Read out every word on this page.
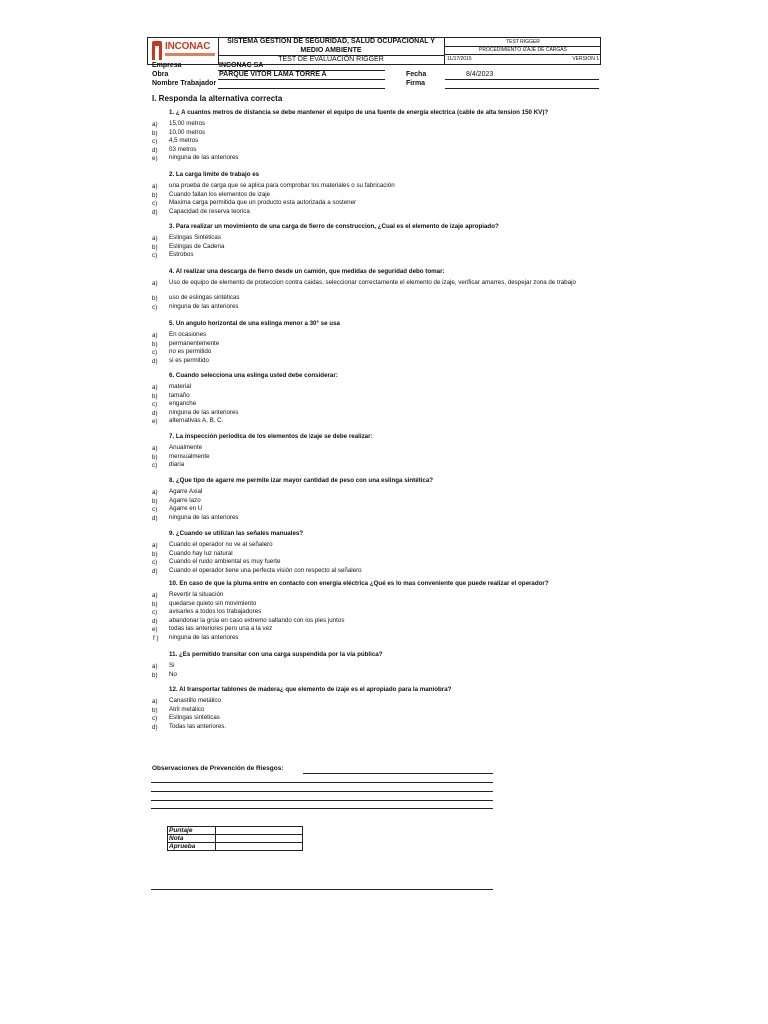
INCONAC	SISTEMA GESTION DE SEGURIDAD, SALUD OCUPACIONAL Y MEDIO AMBIENTE
TEST DE EVALUACIÓN RIGGER
TEST RIGGER
PROCEDIMIENTO IZAJE DE CARGAS
11/17/2015	VERSION 1
Empresa	INCONAC SA
Obra	PARQUE VITOR LAMA TORRE A
Nombre Trabajador
Fecha	8/4/2023
Firma
I. Responda la alternativa correcta
1. ¿ A cuantos metros de distancia se debe mantener el equipo de una fuente de energía electrica (cable de alta tension 150 KV)?
a) 15,00 metros
b) 10,00 metros
c) 4,5 metros
d) 03 metros
e) ninguna de las anteriores
2. La carga limite de trabajo es
a) una prueba de carga que se aplica para comprobar los materiales o su fabricación
b) Cuando fallan los elementos de izaje
c) Maxima carga permitida que un producto esta autorizada a sostener
d) Capacidad de reserva teorica
3. Para realizar un movimiento de una carga de fierro de construccion, ¿Cual es el elemento de izaje apropiado?
a) Eslingas Sintéticas
b) Eslingas de Cadena
c) Estrobos
4. Al realizar una descarga de fierro desde un camión, que medidas de seguridad debo tomar:
a) Uso de equipo de elemento de proteccion contra caidas, seleccionar correctamente el elemento de izaje, verificar amarres, despejar zona de trabajo
b) uso de eslingas sintéticas
c) ninguna de las anteriores
5. Un angulo horizontal de una eslinga menor a 30° se usa
a) En ocasiones
b) permanentemente
c) no es permitido
d) si es permitido
6. Cuando selecciona una eslinga usted debe considerar:
a) material
b) tamaño
c) enganche
d) ninguna de las anteriores
e) alternativas A, B, C.
7. La inspección periodica de los elementos de izaje se debe realizar:
a) Anualmente
b) mensualmente
c) diaria
8. ¿Que tipo de agarre me permite izar mayor cantidad de peso con una eslinga sintética?
a) Agarre Axial
b) Agarre lazo
c) Agarre en U
d) ninguna de las anteriores
9. ¿Cuando se utilizan las señales manuales?
a) Cuando el operador no ve al señalero
b) Cuando hay luz natural
c) Cuando el ruido ambiental es muy fuerte
d) Cuando el operador tiene una perfecta visión con respecto al señalero
10. En caso de que la pluma entre en contacto con energía eléctrica ¿Qué es lo mas conveniente que puede realizar el operador?
a) Revertir la situación
b) quedarse quieto sin movimiento
c) avisarles a todos los trabajadores
d) abandonar la grúa en caso extremo saltando con los pies juntos
e) todas las anteriores pero una a la vez
f ) ninguna de las anteriores
11. ¿Es permitido transitar con una carga suspendida por la vía pública?
a) Si
b) No
12. Al transportar tablones de madera¿ que elemento de izaje es el apropiado para la maniobra?
a) Canastillo metálico
b) Atril metálico
c) Eslingas sintéticas
d) Todas las anteriores.
Observaciones de Prevención de Riesgos:
Puntaje	
Nota	
Aprueba	
